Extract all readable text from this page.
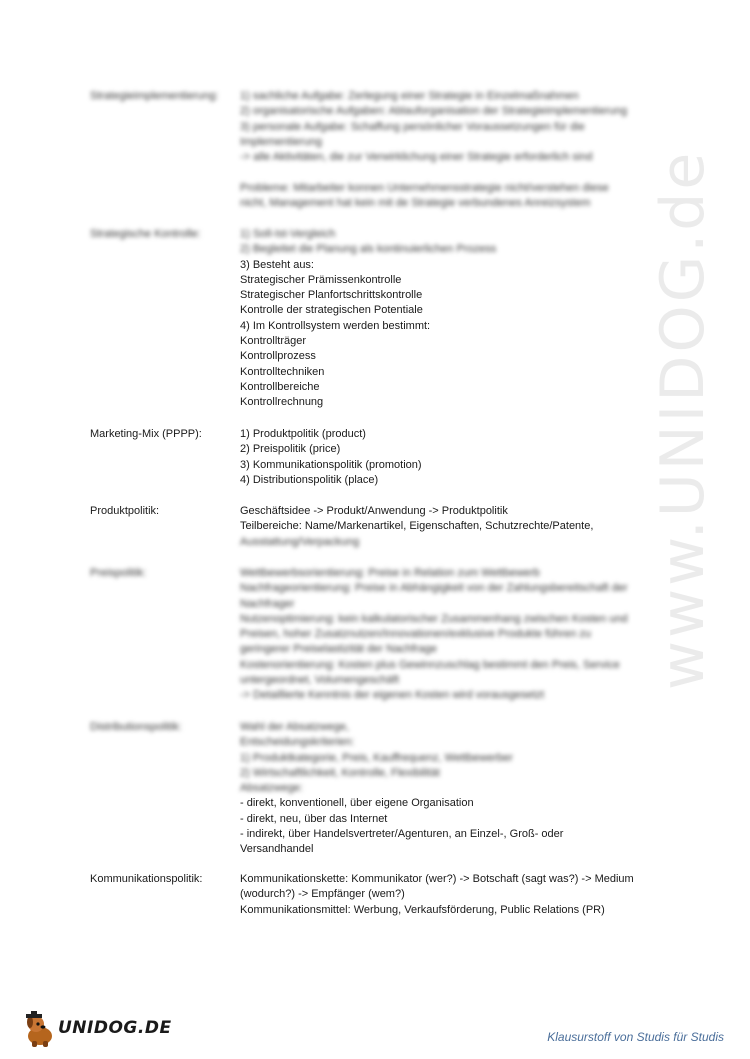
www.UNIDOG.de
Strategieimplementierung:	1) sachliche Aufgabe: Zerlegung einer Strategie in Einzelmaßnahmen
2) organisatorische Aufgaben: Ablauforganisation der Strategieimplementierung
3) personale Aufgabe: Schaffung persönlicher Voraussetzungen für die
Implementierung
-> alle Aktivitäten, die zur Verwirklichung einer Strategie erforderlich sind

Probleme: Mitarbeiter konnen Unternehmensstrategie nicht/verstehen diese
nicht, Management hat kein mit de Strategie verbundenes Anreizsystem
Strategische Kontrolle:	1) Soll-Ist-Vergleich
2) Begleitet die Planung als kontinuierlichen Prozess
3) Besteht aus:
Strategischer Prämissenkontrolle
Strategischer Planfortschrittskontrolle
Kontrolle der strategischen Potentiale
4) Im Kontrollsystem werden bestimmt:
Kontrollträger
Kontrollprozess
Kontrolltechniken
Kontrollbereiche
Kontrollrechnung
Marketing-Mix (PPPP):	1) Produktpolitik (product)
2) Preispolitik (price)
3) Kommunikationspolitik (promotion)
4) Distributionspolitik (place)
Produktpolitik:	Geschäftsidee -> Produkt/Anwendung -> Produktpolitik
Teilbereiche: Name/Markenartikel, Eigenschaften, Schutzrechte/Patente,
Ausstattung/Verpackung
Preispolitik:	Wettbewerbsorientierung: Preise in Relation zum Wettbewerb
Nachfrageorientierung: Preise in Abhängigkeit von der Zahlungsbereitschaft der
Nachfrager
Nutzenoptimierung: kein kalkulatorischer Zusammenhang zwischen Kosten und
Preisen, hoher Zusatznutzen/Innovationen/exklusive Produkte führen zu
geringerer Preiselastizität der Nachfrage
Kostenorientierung: Kosten plus Gewinnzuschlag bestimmt den Preis, Service
untergeordnet, Volumengeschäft
-> Detaillierte Kenntnis der eigenen Kosten wird vorausgesetzt
Distributionspolitik:	Wahl der Absatzwege,
Entscheidungskriterien:
1) Produktkategorie, Preis, Kauffrequenz, Wettbewerber
2) Wirtschaftlichkeit, Kontrolle, Flexibilität
Absatzwege:
- direkt, konventionell, über eigene Organisation
- direkt, neu, über das Internet
- indirekt, über Handelsvertreter/Agenturen, an Einzel-, Groß- oder
Versandhandel
Kommunikationspolitik:	Kommunikationskette: Kommunikator (wer?) -> Botschaft (sagt was?) -> Medium
(wodurch?) -> Empfänger (wem?)
Kommunikationsmittel: Werbung, Verkaufsförderung, Public Relations (PR)
UNIDOG.DE	Klausurstoff von Studis für Studis
